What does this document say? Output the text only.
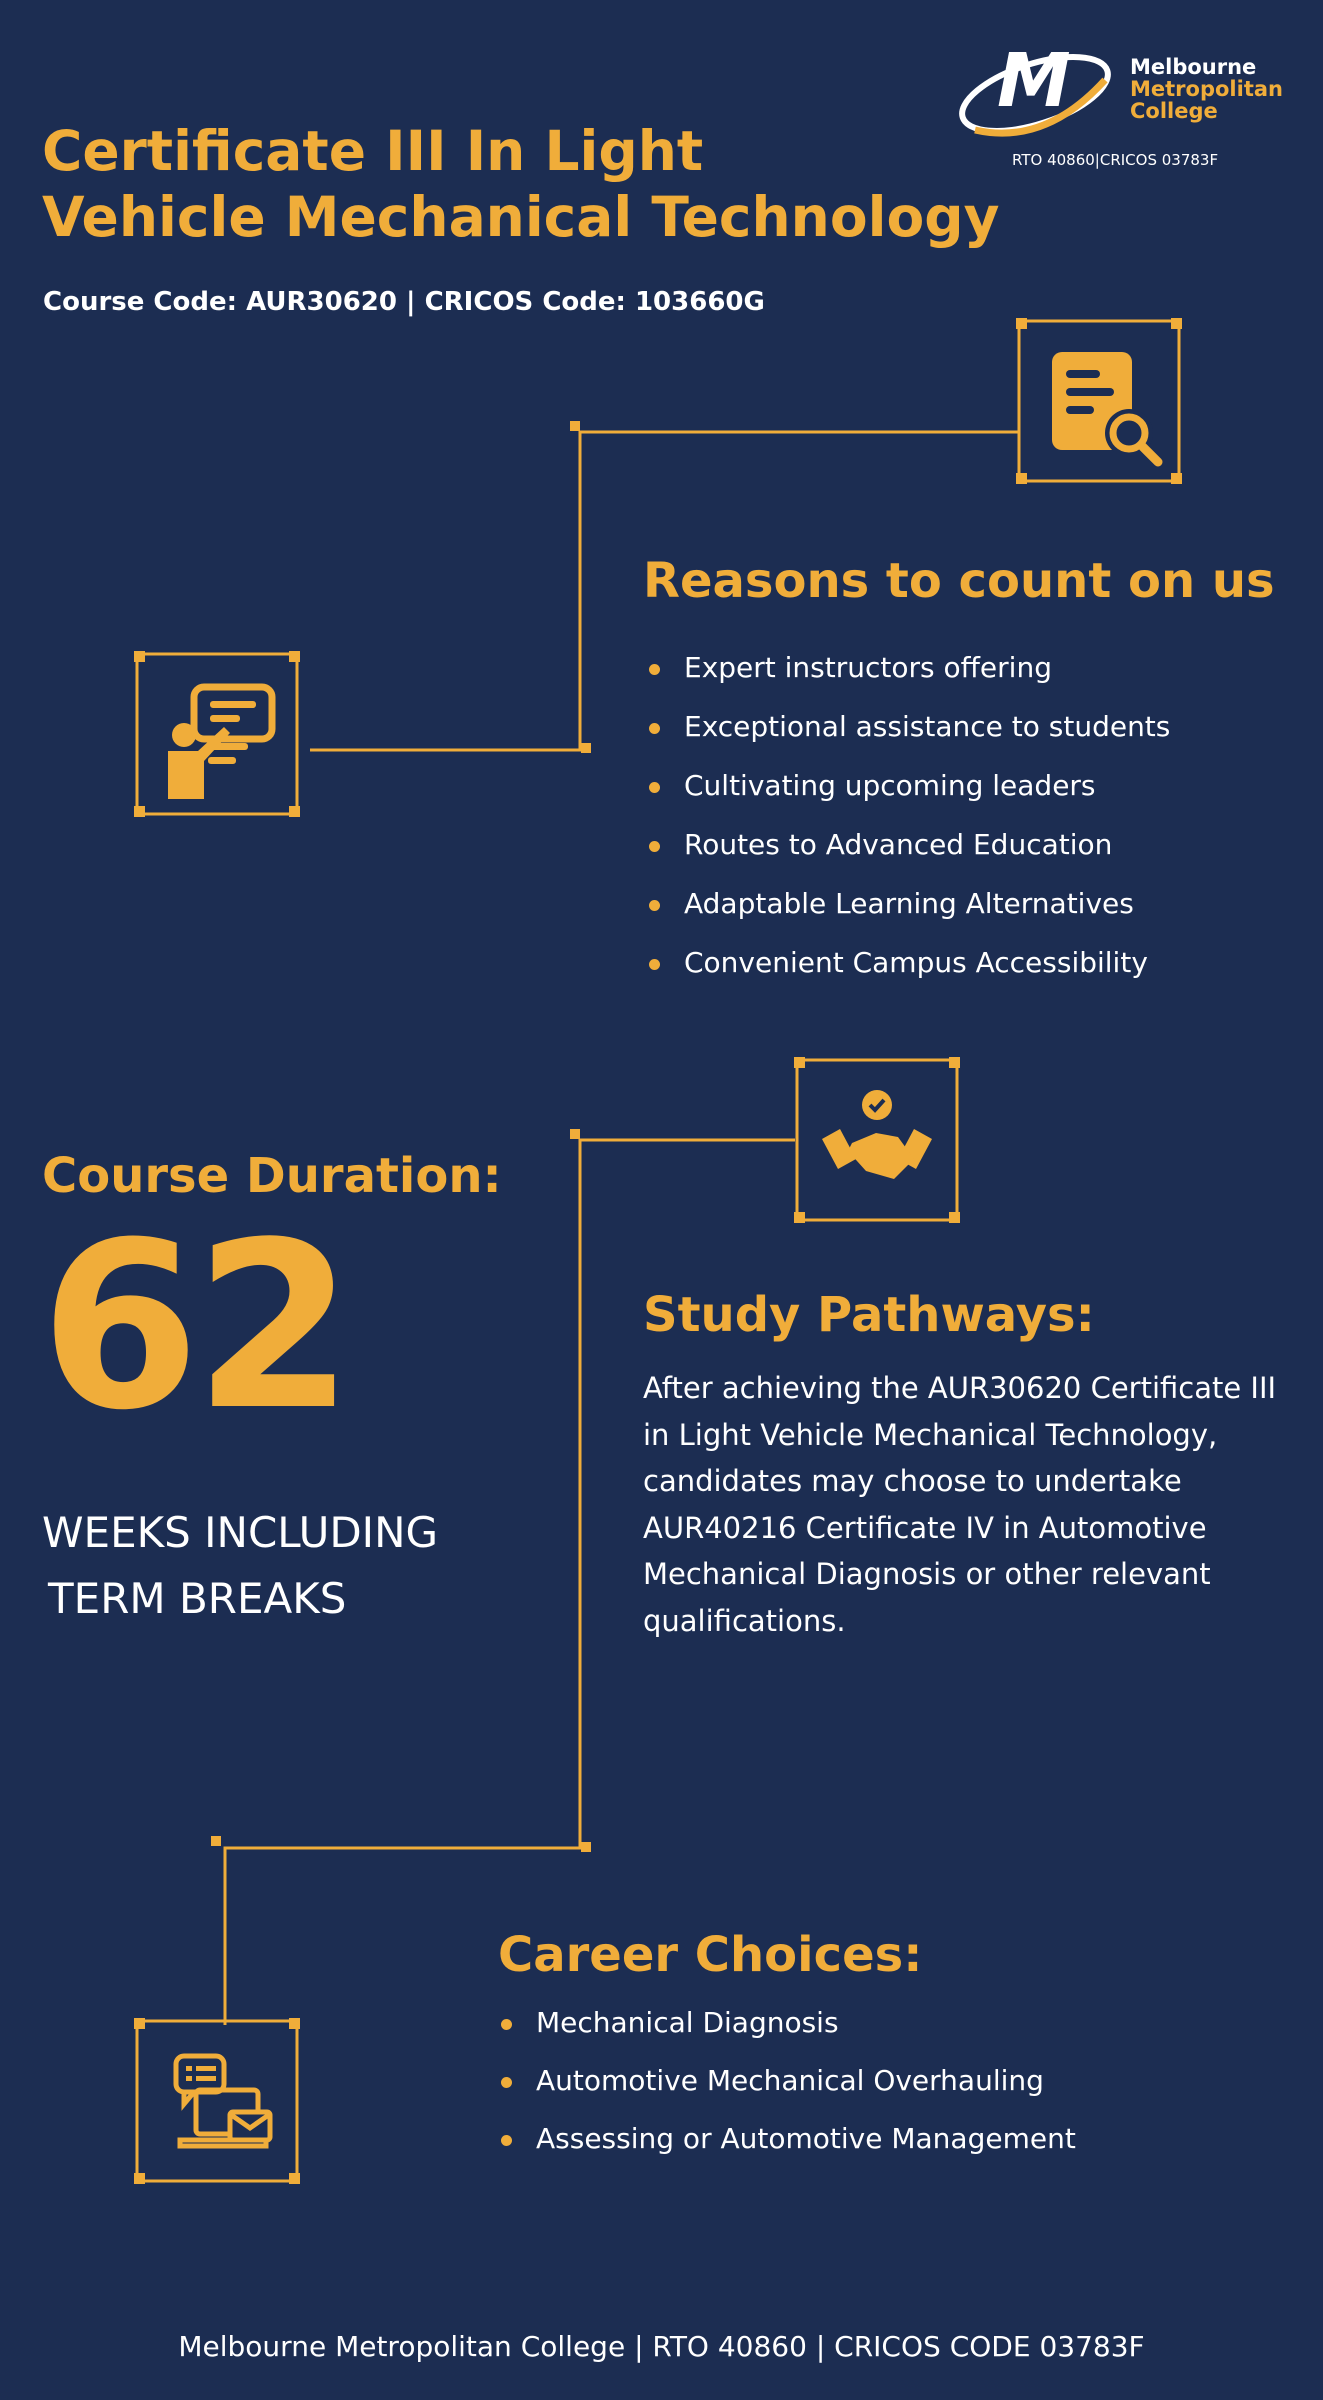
M	Melbourne
Metropolitan
College
RTO 40860|CRICOS 03783F
Certificate III In Light
Vehicle Mechanical Technology
Course Code: AUR30620 | CRICOS Code: 103660G
Reasons to count on us
Expert instructors offering
Exceptional assistance to students
Cultivating upcoming leaders
Routes to Advanced Education
Adaptable Learning Alternatives
Convenient Campus Accessibility
Course Duration:
62
WEEKS INCLUDING
TERM BREAKS
Study Pathways:
After achieving the AUR30620 Certificate III in Light Vehicle Mechanical Technology, candidates may choose to undertake AUR40216 Certificate IV in Automotive Mechanical Diagnosis or other relevant qualifications.
Career Choices:
Mechanical Diagnosis
Automotive Mechanical Overhauling
Assessing or Automotive Management
Melbourne Metropolitan College | RTO 40860 | CRICOS CODE 03783F
